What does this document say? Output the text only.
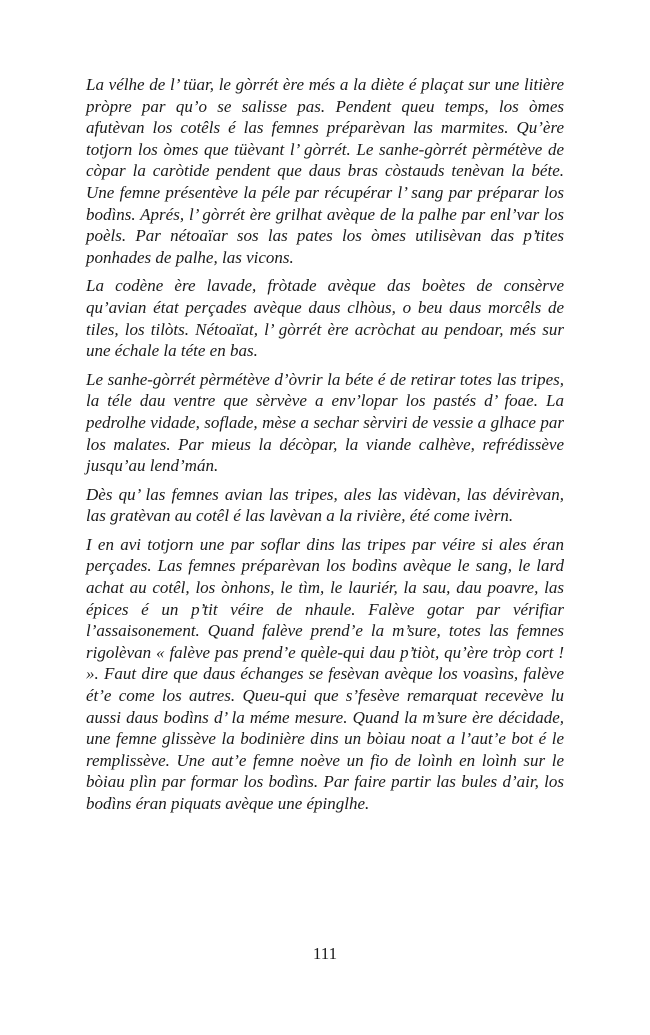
La vélhe de l’ tüar, le gòrrét ère més a la diète é plaçat sur une litière pròpre par qu’o se salisse pas. Pendent queu temps, los òmes afutèvan los cotêls é las femnes préparèvan las marmites. Qu’ère totjorn los òmes que tüèvant l’ gòrrét. Le sanhe-gòrrét pèrmétève de còpar la caròtide pendent que daus bras còstauds tenèvan la béte. Une femne présentève la péle par récupérar l’ sang par préparar los bodìns. Aprés, l’ gòrrét ère grilhat avèque de la palhe par enl’var los poèls. Par nétoaïar sos las pates los òmes utilisèvan das p’tites ponhades de palhe, las vicons.

La codène ère lavade, fròtade avèque das boètes de consèrve qu’avian état perçades avèque daus clhòus, o beu daus morcêls de tiles, los tilòts. Nétoaïat, l’ gòrrét ère acròchat au pendoar, més sur une échale la téte en bas.

Le sanhe-gòrrét pèrmétève d’òvrir la béte é de retirar totes las tripes, la téle dau ventre que sèrvève a env’lopar los pastés d’ foae. La pedrolhe vidade, soflade, mèse a sechar sèrviri de vessie a glhace par los malates. Par mieus la décòpar, la viande calhève, refrédissève jusqu’au lend’mán.

Dès qu’ las femnes avian las tripes, ales las vidèvan, las dévirèvan, las gratèvan au cotêl é las lavèvan a la rivière, été come ivèrn.

I en avi totjorn une par soflar dins las tripes par véire si ales éran perçades. Las femnes préparèvan los bodìns avèque le sang, le lard achat au cotêl, los ònhons, le tìm, le lauriér, la sau, dau poavre, las épices é un p’tit véire de nhaule. Falève gotar par vérifiar l’assaisonement. Quand falève prend’e la m’sure, totes las femnes rigolèvan « falève pas prend’e quèle-qui dau p’tiòt, qu’ère tròp cort ! ». Faut dire que daus échanges se fesèvan avèque los voasìns, falève ét’e come los autres. Queu-qui que s’fesève remarquat recevève lu aussi daus bodìns d’ la méme mesure. Quand la m’sure ère décidade, une femne glissève la bodinière dins un bòiau noat a l’aut’e bot é le remplissève. Une aut’e femne noève un fio de loình en loình sur le bòiau plìn par formar los bodìns. Par faire partir las bules d’air, los bodìns éran piquats avèque une épinglhe.

111
